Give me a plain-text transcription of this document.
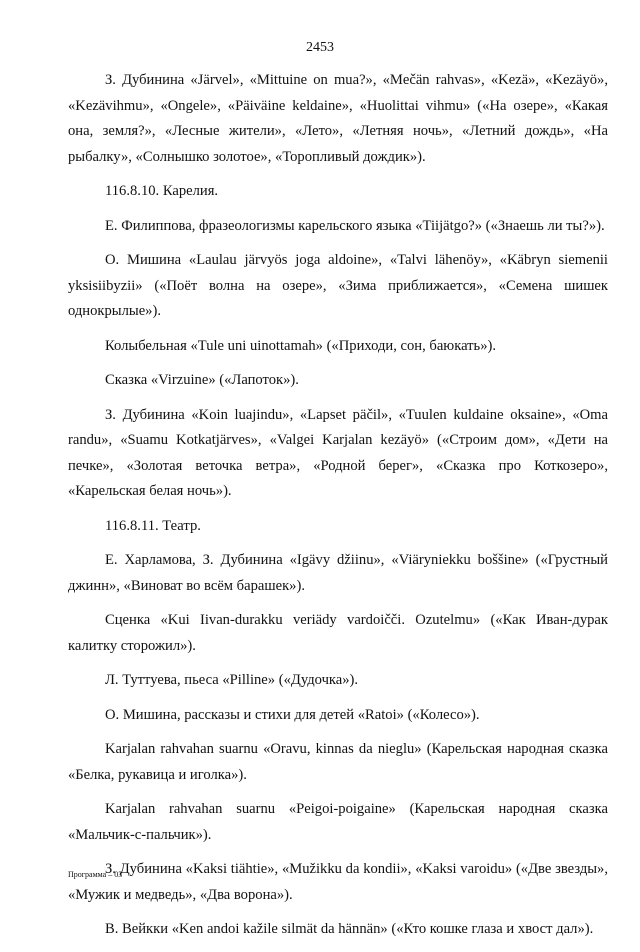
2453

З. Дубинина «Järvel», «Mittuine on mua?», «Mečän rahvas», «Kezä», «Kezäyö», «Kezävihmu», «Ongele», «Päiväine keldaine», «Huolittai vihmu» («На озере», «Какая она, земля?», «Лесные жители», «Лето», «Летняя ночь», «Летний дождь», «На рыбалку», «Солнышко золотое», «Торопливый дождик»).

116.8.10. Карелия.

Е. Филиппова, фразеологизмы карельского языка «Tiijätgo?» («Знаешь ли ты?»).

О. Мишина «Laulau järvyös joga aldoine», «Talvi lähenöy», «Käbryn siemenii yksisiibyzii» («Поёт волна на озере», «Зима приближается», «Семена шишек однокрылые»).

Колыбельная «Tule uni uinottamah» («Приходи, сон, баюкать»).

Сказка «Virzuine» («Лапоток»).

З. Дубинина «Koin luajindu», «Lapset päčil», «Tuulen kuldaine oksaine», «Oma randu», «Suamu Kotkatjärves», «Valgei Karjalan kezäyö» («Строим дом», «Дети на печке», «Золотая веточка ветра», «Родной берег», «Сказка про Коткозеро», «Карельская белая ночь»).

116.8.11. Театр.

Е. Харламова, З. Дубинина «Igävy džiinu», «Viäryniekku boššine» («Грустный джинн», «Виноват во всём барашек»).

Сценка «Kui Iivan-durakku veriädy vardoičči. Ozutelmu» («Как Иван-дурак калитку сторожил»).

Л. Туттуева, пьеса «Pilline» («Дудочка»).

О. Мишина, рассказы и стихи для детей «Ratoi» («Колесо»).

Karjalan rahvahan suarnu «Oravu, kinnas da nieglu» (Карельская народная сказка «Белка, рукавица и иголка»).

Karjalan rahvahan suarnu «Peigoi-poigaine» (Карельская народная сказка «Мальчик-с-пальчик»).

З. Дубинина «Kaksi tiähtie», «Mužikku da kondii», «Kaksi varoidu» («Две звезды», «Мужик и медведь», «Два ворона»).

В. Вейкки «Ken andoi kažile silmät da hännän» («Кто кошке глаза и хвост дал»).

Программа – 03
